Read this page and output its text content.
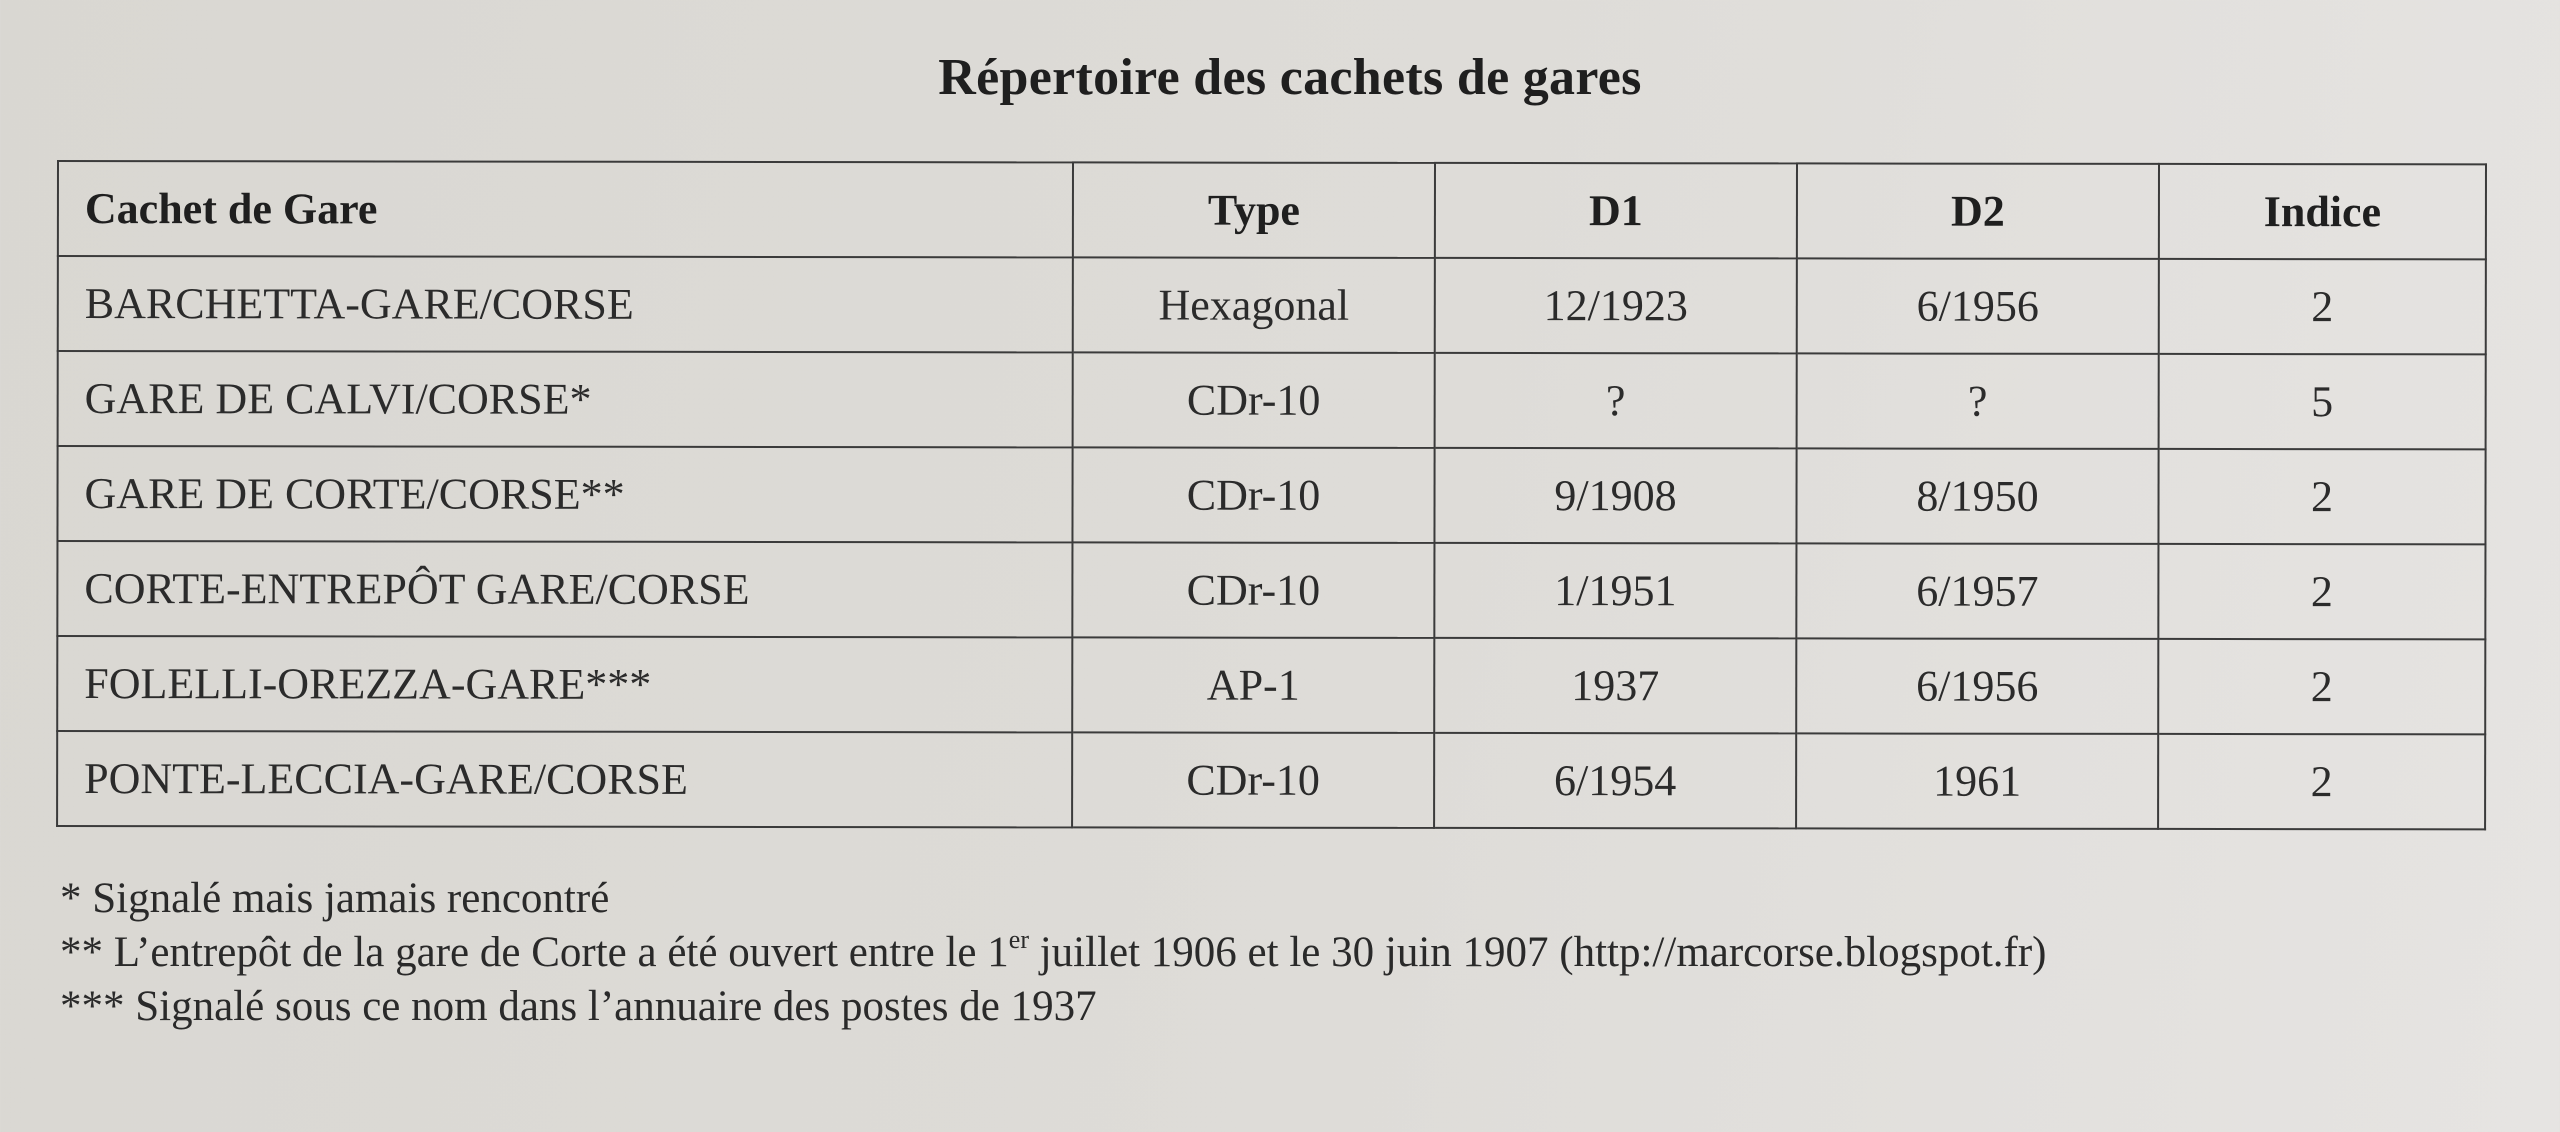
Répertoire des cachets de gares
Cachet de Gare	Type	D1	D2	Indice
BARCHETTA-GARE/CORSE	Hexagonal	12/1923	6/1956	2
GARE DE CALVI/CORSE*	CDr-10	?	?	5
GARE DE CORTE/CORSE**	CDr-10	9/1908	8/1950	2
CORTE-ENTREPÔT GARE/CORSE	CDr-10	1/1951	6/1957	2
FOLELLI-OREZZA-GARE***	AP-1	1937	6/1956	2
PONTE-LECCIA-GARE/CORSE	CDr-10	6/1954	1961	2
* Signalé mais jamais rencontré
** L’entrepôt de la gare de Corte a été ouvert entre le 1er juillet 1906 et le 30 juin 1907 (http://marcorse.blogspot.fr)
*** Signalé sous ce nom dans l’annuaire des postes de 1937
